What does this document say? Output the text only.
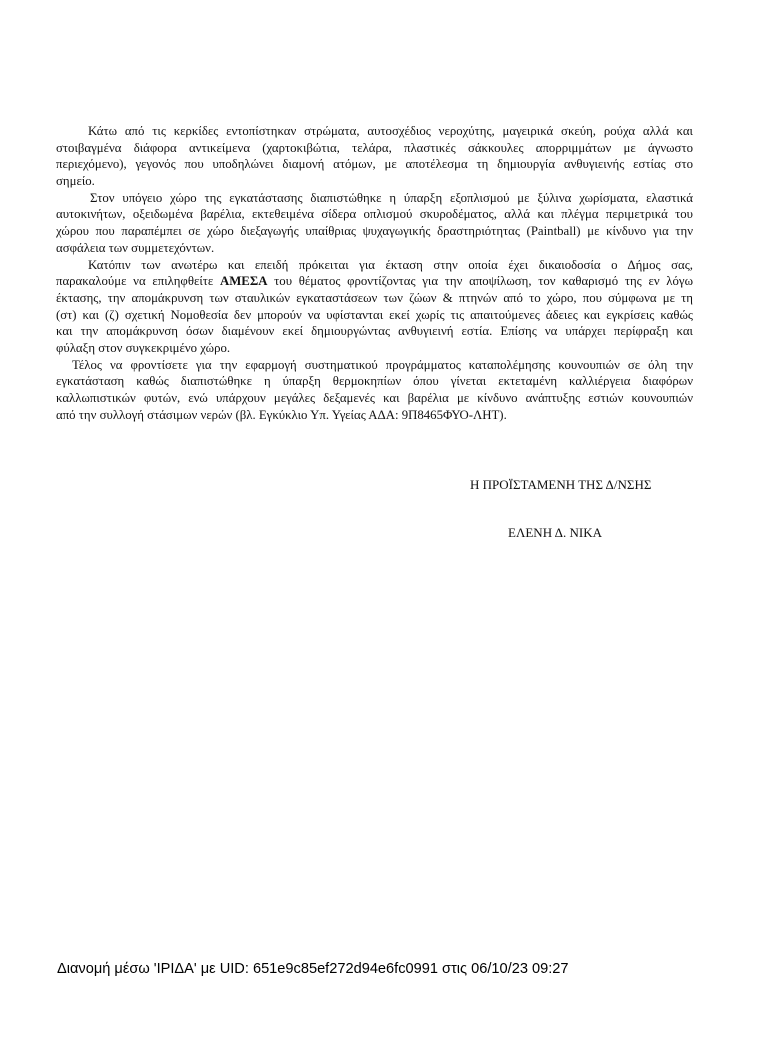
Κάτω από τις κερκίδες εντοπίστηκαν στρώματα, αυτοσχέδιος νεροχύτης, μαγειρικά σκεύη, ρούχα αλλά και
στοιβαγμένα διάφορα αντικείμενα (χαρτοκιβώτια, τελάρα, πλαστικές σάκκουλες απορριμμάτων με άγνωστο
περιεχόμενο), γεγονός που υποδηλώνει διαμονή ατόμων, με αποτέλεσμα τη δημιουργία ανθυγιεινής εστίας στο
σημείο.
Στον υπόγειο χώρο της εγκατάστασης διαπιστώθηκε η ύπαρξη εξοπλισμού με ξύλινα χωρίσματα, ελαστικά
αυτοκινήτων, οξειδωμένα βαρέλια, εκτεθειμένα σίδερα οπλισμού σκυροδέματος, αλλά και πλέγμα περιμετρικά του
χώρου που παραπέμπει σε χώρο διεξαγωγής υπαίθριας ψυχαγωγικής δραστηριότητας (Paintball) με κίνδυνο για την
ασφάλεια των συμμετεχόντων.
Κατόπιν των ανωτέρω και επειδή πρόκειται για έκταση στην οποία έχει δικαιοδοσία ο Δήμος σας,
παρακαλούμε να επιληφθείτε ΑΜΕΣΑ του θέματος φροντίζοντας για την αποψίλωση, τον καθαρισμό της εν λόγω
έκτασης, την απομάκρυνση των σταυλικών εγκαταστάσεων των ζώων & πτηνών από το χώρο, που σύμφωνα με τη
(στ) και (ζ) σχετική Νομοθεσία δεν μπορούν να υφίστανται εκεί χωρίς τις απαιτούμενες άδειες και εγκρίσεις καθώς
και την απομάκρυνση όσων διαμένουν εκεί δημιουργώντας ανθυγιεινή εστία. Επίσης να υπάρχει περίφραξη και
φύλαξη στον συγκεκριμένο χώρο.
Τέλος να φροντίσετε για την εφαρμογή συστηματικού προγράμματος καταπολέμησης κουνουπιών σε όλη την
εγκατάσταση καθώς διαπιστώθηκε η ύπαρξη θερμοκηπίων όπου γίνεται εκτεταμένη καλλιέργεια διαφόρων
καλλωπιστικών φυτών, ενώ υπάρχουν μεγάλες δεξαμενές και βαρέλια με κίνδυνο ανάπτυξης εστιών κουνουπιών
από την συλλογή στάσιμων νερών (βλ. Εγκύκλιο Υπ. Υγείας ΑΔΑ: 9Π8465ΦΥΟ-ΛΗΤ).
Η ΠΡΟΪΣΤΑΜΕΝΗ ΤΗΣ Δ/ΝΣΗΣ
ΕΛΕΝΗ Δ. ΝΙΚΑ
Διανομή μέσω 'ΙΡΙΔΑ' με UID: 651e9c85ef272d94e6fc0991 στις 06/10/23 09:27
